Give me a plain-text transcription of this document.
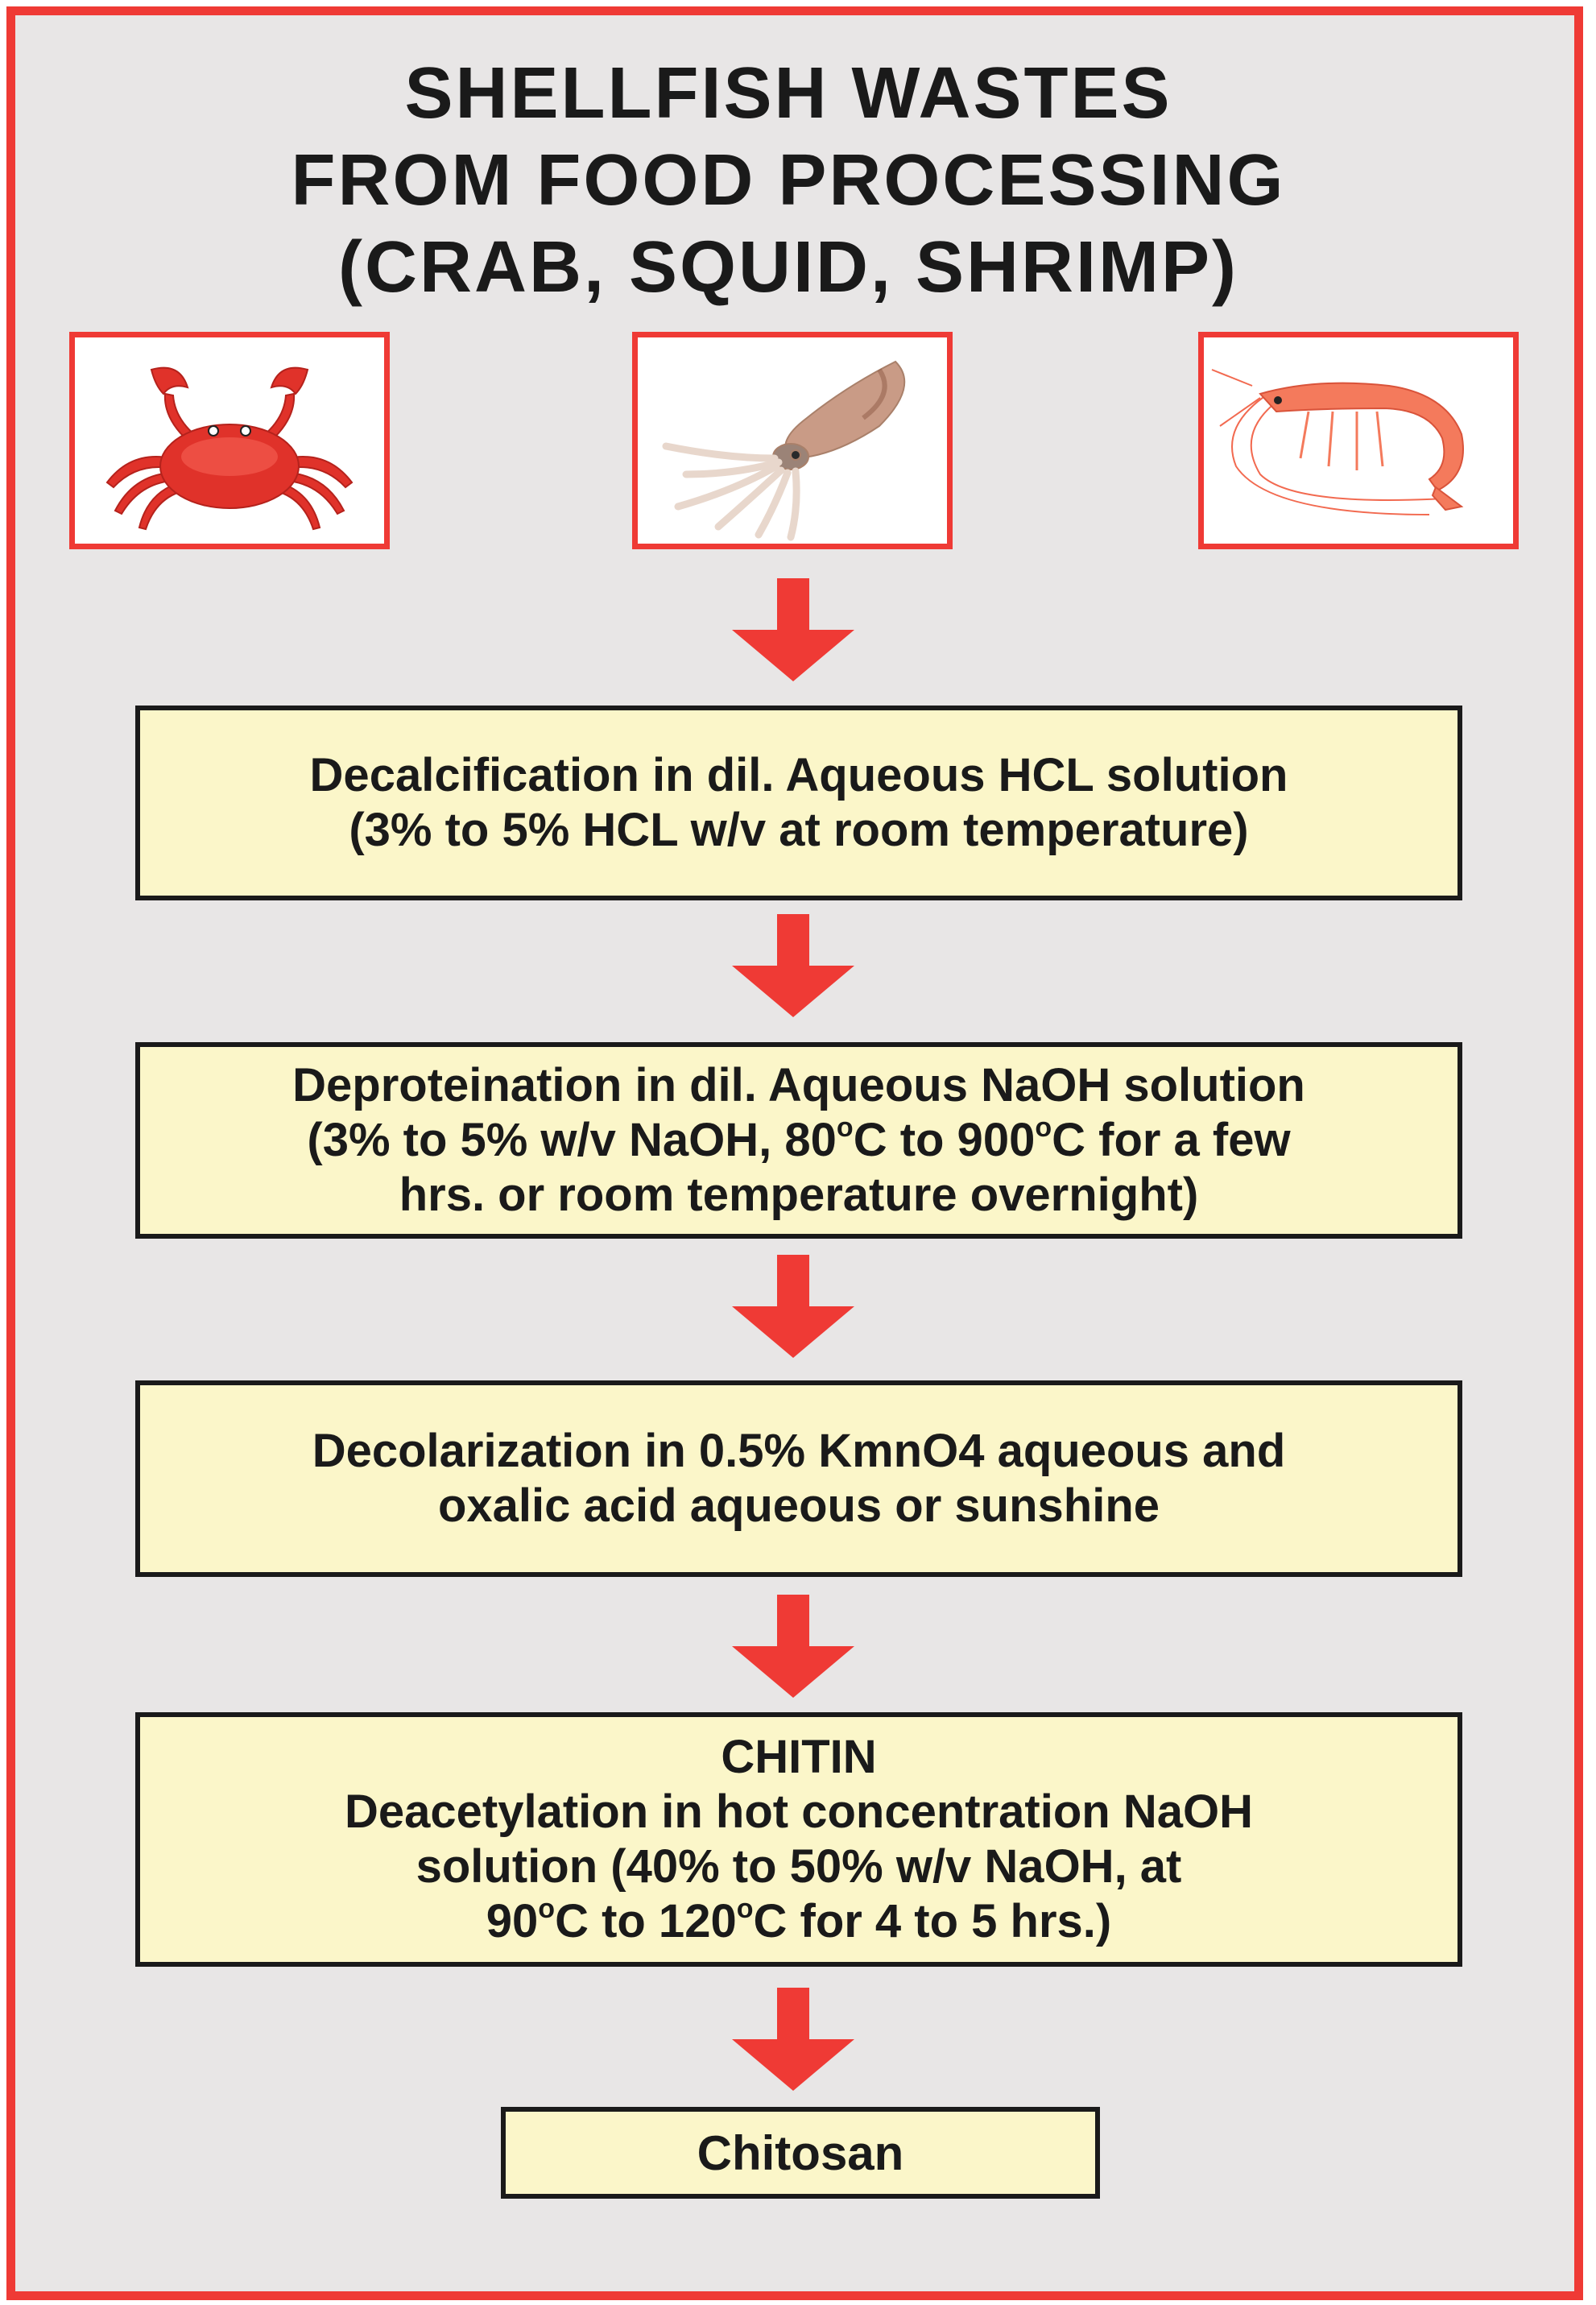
SHELLFISH WASTES
FROM FOOD PROCESSING
(CRAB, SQUID, SHRIMP)
Decalcification in dil. Aqueous HCL solution
(3% to 5% HCL w/v at room temperature)
Deproteination in dil. Aqueous NaOH solution
(3% to 5% w/v NaOH, 80$^o$C to 900$^o$C for a few
hrs. or room temperature overnight)
Decolarization in 0.5% KmnO4 aqueous and
oxalic acid aqueous or sunshine
CHITIN
Deacetylation in hot concentration NaOH
solution (40% to 50% w/v NaOH, at
90$^o$C to 120$^o$C for 4 to 5 hrs.)
Chitosan
